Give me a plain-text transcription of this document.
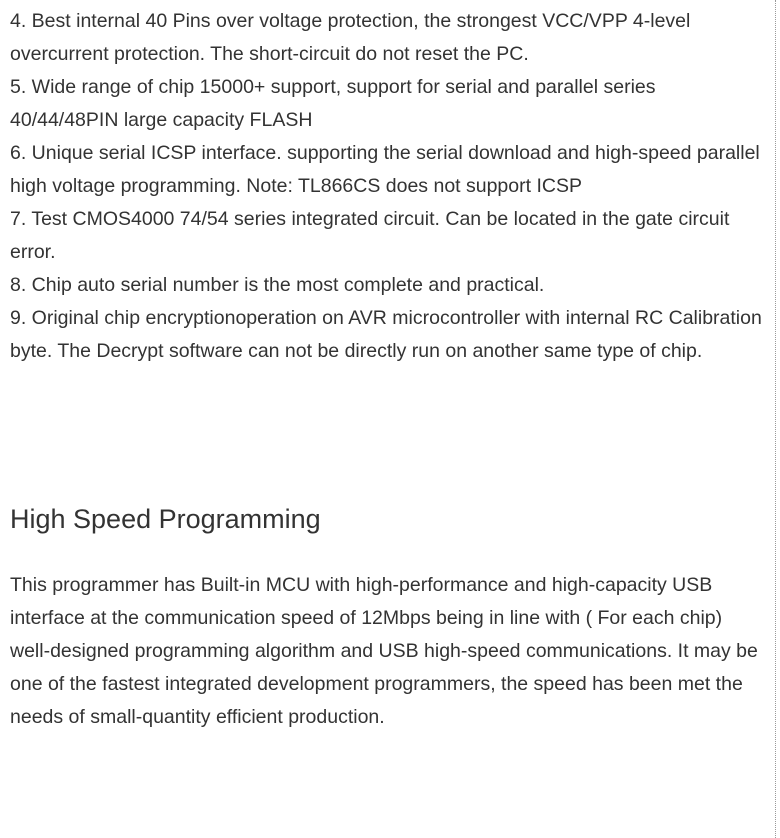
4. Best internal 40 Pins over voltage protection, the strongest VCC/VPP 4-level overcurrent protection. The short-circuit do not reset the PC.
5. Wide range of chip 15000+ support, support for serial and parallel series 40/44/48PIN large capacity FLASH
6. Unique serial ICSP interface. supporting the serial download and high-speed parallel high voltage programming. Note: TL866CS does not support ICSP
7. Test CMOS4000 74/54 series integrated circuit. Can be located in the gate circuit error.
8. Chip auto serial number is the most complete and practical.
9. Original chip encryptionoperation on AVR microcontroller with internal RC Calibration byte. The Decrypt software can not be directly run on another same type of chip.
High Speed Programming

This programmer has Built-in MCU with high-performance and high-capacity USB interface at the communication speed of 12Mbps being in line with ( For each chip) well-designed programming algorithm and USB high-speed communications. It may be one of the fastest integrated development programmers, the speed has been met the needs of small-quantity efficient production.
